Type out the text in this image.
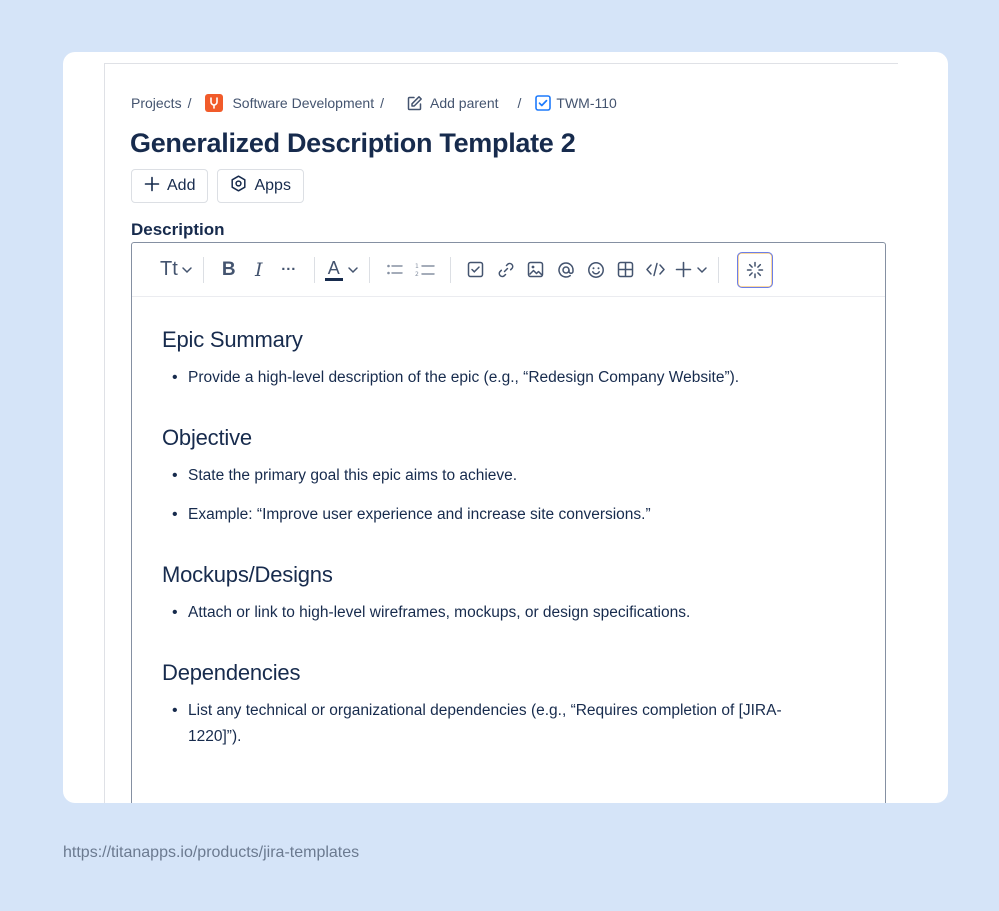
Projects /	Software Development /	Add parent /	TWM-110
Generalized Description Template 2
Add	Apps
Description
Tt B I ··· A	1
2
Epic Summary
• Provide a high-level description of the epic (e.g., “Redesign Company Website”).
Objective
• State the primary goal this epic aims to achieve.
• Example: “Improve user experience and increase site conversions.”
Mockups/Designs
• Attach or link to high-level wireframes, mockups, or design specifications.
Dependencies
• List any technical or organizational dependencies (e.g., “Requires completion of [JIRA-1220]”).
https://titanapps.io/products/jira-templates
